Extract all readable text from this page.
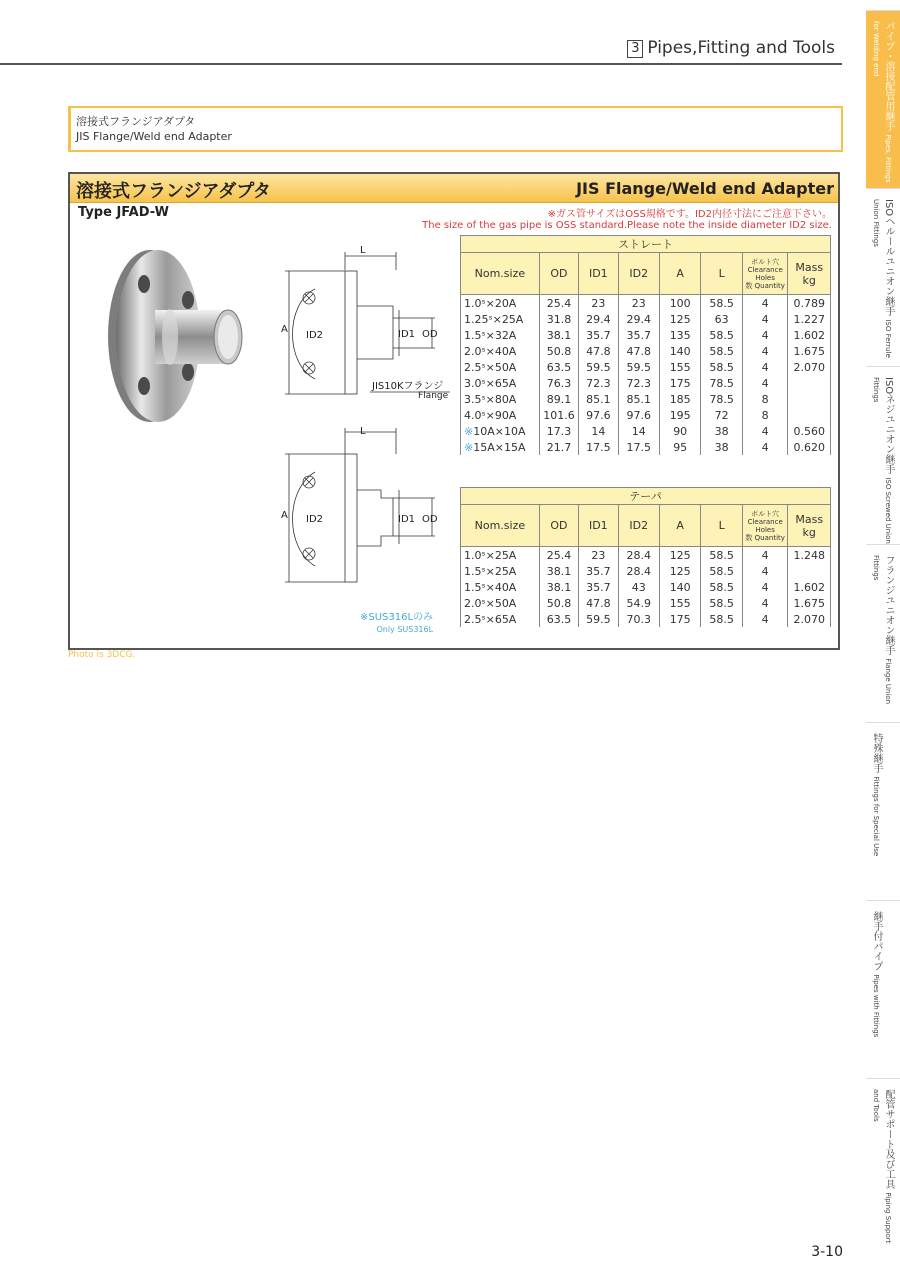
3 Pipes,Fitting and Tools
溶接式フランジアダプタ
JIS Flange/Weld end Adapter
溶接式フランジアダプタ	JIS Flange/Weld end Adapter
Type JFAD-W	※ガス管サイズはOSS規格です。ID2内径寸法にご注意下さい。
The size of the gas pipe is OSS standard.Please note the inside diameter ID2 size.
L
A
ID2	ID1 OD
JIS10Kフランジ
Flange
L
A ID2	ID1 OD
※SUS316Lのみ
Only SUS316L
ストレート							
Nom.size	OD	ID1	ID2	A	L	ボルト穴
Clearance
Holes
数 Quantity	Mass kg
1.0ˢ×20A	25.4	23	23	100	58.5	4	0.789
1.25ˢ×25A	31.8	29.4	29.4	125	63	4	1.227
1.5ˢ×32A	38.1	35.7	35.7	135	58.5	4	1.602
2.0ˢ×40A	50.8	47.8	47.8	140	58.5	4	1.675
2.5ˢ×50A	63.5	59.5	59.5	155	58.5	4	2.070
3.0ˢ×65A	76.3	72.3	72.3	175	78.5	4	
3.5ˢ×80A	89.1	85.1	85.1	185	78.5	8	
4.0ˢ×90A	101.6	97.6	97.6	195	72	8	
※10A×10A	17.3	14	14	90	38	4	0.560
※15A×15A	21.7	17.5	17.5	95	38	4	0.620
テーパ							
Nom.size	OD	ID1	ID2	A	L	ボルト穴
Clearance
Holes
数 Quantity	Mass kg
1.0ˢ×25A	25.4	23	28.4	125	58.5	4	1.248
1.5ˢ×25A	38.1	35.7	28.4	125	58.5	4	
1.5ˢ×40A	38.1	35.7	43	140	58.5	4	1.602
2.0ˢ×50A	50.8	47.8	54.9	155	58.5	4	1.675
2.5ˢ×65A	63.5	59.5	70.3	175	58.5	4	2.070
Photo is 3DCG.
パイプ・溶接配管用継手 Pipes, Fittings for Welding end
ISOヘルールユニオン継手 ISO Ferrule Union Fittings
ISOネジユニオン継手 ISO Screwed Union Fittings
フランジユニオン継手 Flange Union Fittings
特殊継手 Fittings for Special Use
継手付パイプ Pipes with Fittings
配管サポート及び工具 Piping Support and Tools
3-10
